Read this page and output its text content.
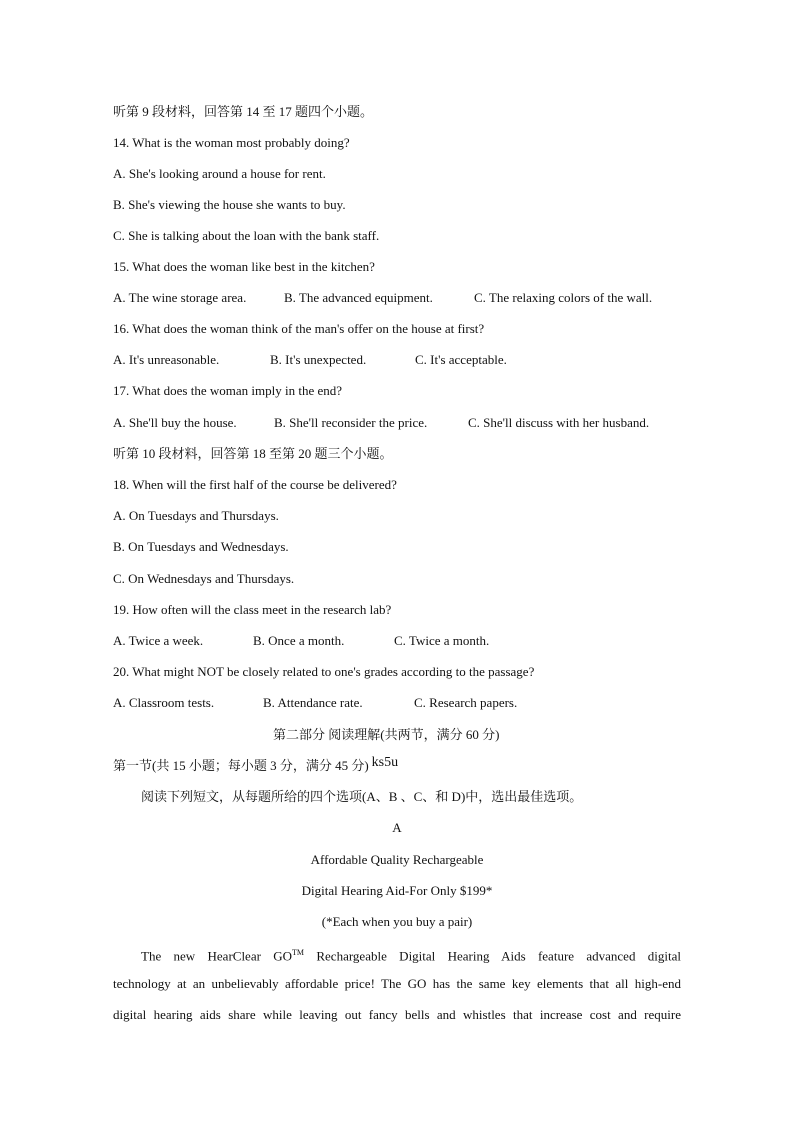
听第 9 段材料，回答第 14 至 17 题四个小题。
14. What is the woman most probably doing?
A. She's looking around a house for rent.
B. She's viewing the house she wants to buy.
C. She is talking about the loan with the bank staff.
15. What does the woman like best in the kitchen?
A. The wine storage area.	B. The advanced equipment.	C. The relaxing colors of the wall.
16. What does the woman think of the man's offer on the house at first?
A. It's unreasonable.	B. It's unexpected.	C. It's acceptable.
17. What does the woman imply in the end?
A. She'll buy the house.	B. She'll reconsider the price.	C. She'll discuss with her husband.
听第 10 段材料，回答第 18 至第 20 题三个小题。
18. When will the first half of the course be delivered?
A. On Tuesdays and Thursdays.
B. On Tuesdays and Wednesdays.
C. On Wednesdays and Thursdays.
19. How often will the class meet in the research lab?
A. Twice a week.	B. Once a month.	C. Twice a month.
20. What might NOT be closely related to one's grades according to the passage?
A. Classroom tests.	B. Attendance rate.	C. Research papers.
第二部分 阅读理解(共两节，满分 60 分)
第一节(共 15 小题；每小题 3 分，满分 45 分) ks5u
阅读下列短文，从每题所给的四个选项(A、B 、C、和 D)中，选出最佳选项。
A
Affordable Quality Rechargeable
Digital Hearing Aid-For Only $199*
(*Each when you buy a pair)
The new HearClear GO™ Rechargeable Digital Hearing Aids feature advanced digital
technology at an unbelievably affordable price! The GO has the same key elements that all high-end
digital hearing aids share while leaving out fancy bells and whistles that increase cost and require
